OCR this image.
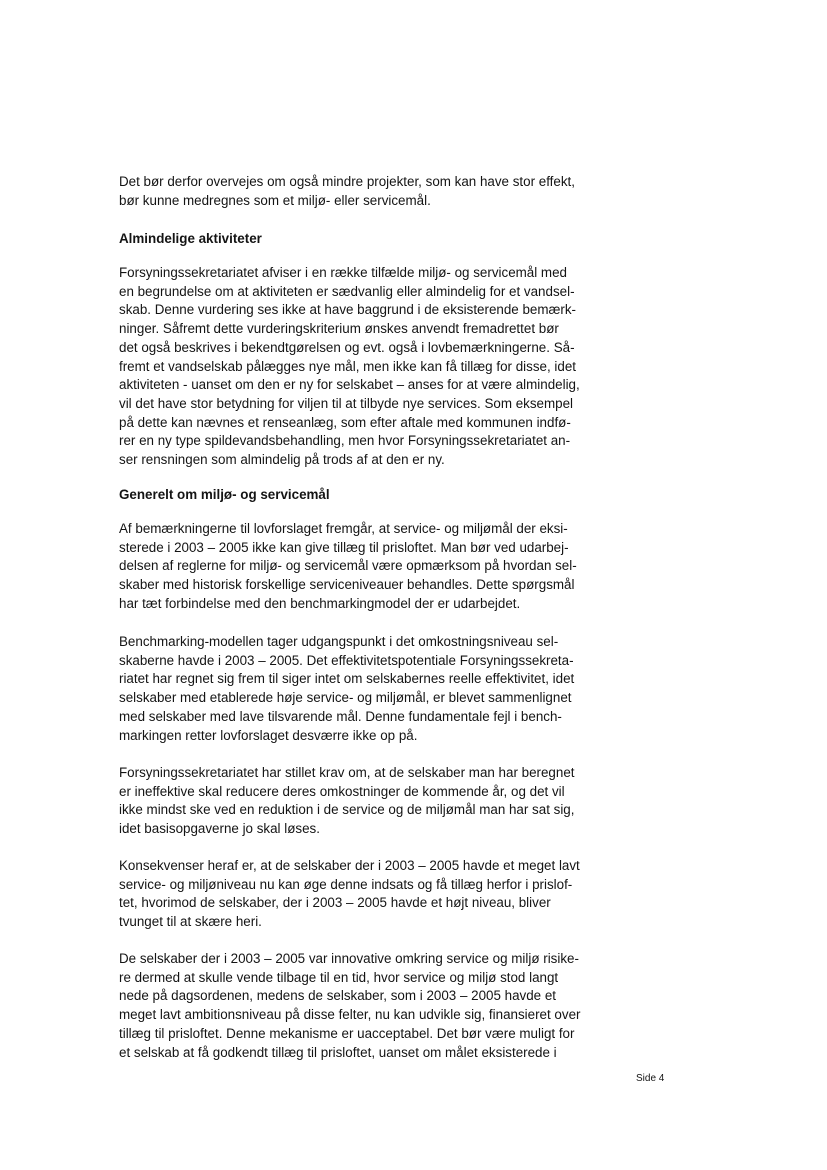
Det bør derfor overvejes om også mindre projekter, som kan have stor effekt,
bør kunne medregnes som et miljø- eller servicemål.

Almindelige aktiviteter

Forsyningssekretariatet afviser i en række tilfælde miljø- og servicemål med
en begrundelse om at aktiviteten er sædvanlig eller almindelig for et vandsel-
skab. Denne vurdering ses ikke at have baggrund i de eksisterende bemærk-
ninger. Såfremt dette vurderingskriterium ønskes anvendt fremadrettet bør
det også beskrives i bekendtgørelsen og evt. også i lovbemærkningerne. Så-
fremt et vandselskab pålægges nye mål, men ikke kan få tillæg for disse, idet
aktiviteten - uanset om den er ny for selskabet – anses for at være almindelig,
vil det have stor betydning for viljen til at tilbyde nye services. Som eksempel
på dette kan nævnes et renseanlæg, som efter aftale med kommunen indfø-
rer en ny type spildevandsbehandling, men hvor Forsyningssekretariatet an-
ser rensningen som almindelig på trods af at den er ny.

Generelt om miljø- og servicemål

Af bemærkningerne til lovforslaget fremgår, at service- og miljømål der eksi-
sterede i 2003 – 2005 ikke kan give tillæg til prisloftet. Man bør ved udarbej-
delsen af reglerne for miljø- og servicemål være opmærksom på hvordan sel-
skaber med historisk forskellige serviceniveauer behandles. Dette spørgsmål
har tæt forbindelse med den benchmarkingmodel der er udarbejdet.

Benchmarking-modellen tager udgangspunkt i det omkostningsniveau sel-
skaberne havde i 2003 – 2005. Det effektivitetspotentiale Forsyningssekreta-
riatet har regnet sig frem til siger intet om selskabernes reelle effektivitet, idet
selskaber med etablerede høje service- og miljømål, er blevet sammenlignet
med selskaber med lave tilsvarende mål. Denne fundamentale fejl i bench-
markingen retter lovforslaget desværre ikke op på.

Forsyningssekretariatet har stillet krav om, at de selskaber man har beregnet
er ineffektive skal reducere deres omkostninger de kommende år, og det vil
ikke mindst ske ved en reduktion i de service og de miljømål man har sat sig,
idet basisopgaverne jo skal løses.

Konsekvenser heraf er, at de selskaber der i 2003 – 2005 havde et meget lavt
service- og miljøniveau nu kan øge denne indsats og få tillæg herfor i prislof-
tet, hvorimod de selskaber, der i 2003 – 2005 havde et højt niveau, bliver
tvunget til at skære heri.

De selskaber der i 2003 – 2005 var innovative omkring service og miljø risike-
re dermed at skulle vende tilbage til en tid, hvor service og miljø stod langt
nede på dagsordenen, medens de selskaber, som i 2003 – 2005 havde et
meget lavt ambitionsniveau på disse felter, nu kan udvikle sig, finansieret over
tillæg til prisloftet. Denne mekanisme er uacceptabel. Det bør være muligt for
et selskab at få godkendt tillæg til prisloftet, uanset om målet eksisterede i

Side 4
